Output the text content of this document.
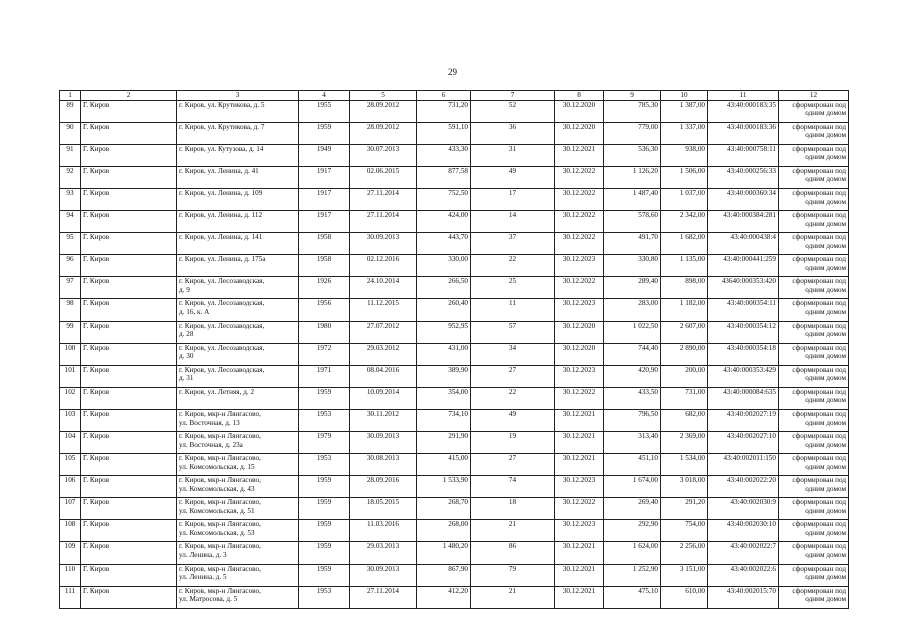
29
1	2	3	4	5	6	7	8	9	10	11	12
89	Г. Киров	г. Киров, ул. Крутикова, д. 5	1955	28.09.2012	731,20	52	30.12.2020	785,30	1 387,00	43:40:000183:35	сформирован под
одним домом

90	Г. Киров	г. Киров, ул. Крутикова, д. 7	1959	28.09.2012	591,10	36	30.12.2020	779,00	1 337,00	43:40:000183:36	сформирован под
одним домом

91	Г. Киров	г. Киров, ул. Кутузова, д. 14	1949	30.07.2013	433,30	31	30.12.2021	536,30	938,00	43:40:000758:11	сформирован под
одним домом

92	Г. Киров	г. Киров, ул. Ленина, д. 41	1917	02.06.2015	877,58	49	30.12.2022	1 126,20	1 506,00	43:40:000256:33	сформирован под
одним домом

93	Г. Киров	г. Киров, ул. Ленина, д. 109	1917	27.11.2014	752,50	17	30.12.2022	1 487,40	1 037,00	43:40:000360:34	сформирован под
одним домом

94	Г. Киров	г. Киров, ул. Ленина, д. 112	1917	27.11.2014	424,00	14	30.12.2022	578,60	2 342,00	43:40:000384:281	сформирован под
одним домом

95	Г. Киров	г. Киров, ул. Ленина, д. 141	1958	30.09.2013	443,70	37	30.12.2022	491,70	1 682,00	43:40:000438:4	сформирован под
одним домом

96	Г. Киров	г. Киров, ул. Ленина, д. 175а	1958	02.12.2016	330,00	22	30.12.2023	330,80	1 135,00	43:40:000441:259	сформирован под
одним домом

97	Г. Киров	г. Киров, ул. Лесозаводская,
д. 9	1926	24.10.2014	266,50	25	30.12.2022	289,40	898,00	43640:000353:420	сформирован под
одним домом

98	Г. Киров	г. Киров, ул. Лесозаводская,
д. 16, к. А	1956	11.12.2015	260,40	11	30.12.2023	283,00	1 182,00	43:40:000354:11	сформирован под
одним домом

99	Г. Киров	г. Киров, ул. Лесозаводская,
д. 28	1980	27.07.2012	952,95	57	30.12.2020	1 022,50	2 607,00	43:40:000354:12	сформирован под
одним домом

100	Г. Киров	г. Киров, ул. Лесозаводская,
д. 30	1972	29.03.2012	431,00	34	30.12.2020	744,40	2 890,00	43:40:000354:18	сформирован под
одним домом

101	Г. Киров	г. Киров, ул. Лесозаводская,
д. 31	1971	08.04.2016	389,90	27	30.12.2023	420,90	200,00	43:40:000353:429	сформирован под
одним домом

102	Г. Киров	г. Киров, ул. Летняя, д. 2	1959	10.09.2014	354,00	22	30.12.2022	433,50	731,00	43:40:000084:635	сформирован под
одним домом

103	Г. Киров	г. Киров, мкр-н Лянгасово,
ул. Восточная, д. 13	1953	30.11.2012	734,10	49	30.12.2021	796,50	682,00	43:40:002027:19	сформирован под
одним домом

104	Г. Киров	г. Киров, мкр-н Лянгасово,
ул. Восточная, д. 23а	1979	30.09.2013	291,90	19	30.12.2021	313,40	2 369,00	43:40:002027:10	сформирован под
одним домом

105	Г. Киров	г. Киров, мкр-н Лянгасово,
ул. Комсомольская, д. 15	1953	30.08.2013	415,00	27	30.12.2021	451,10	1 534,00	43:40:002011:150	сформирован под
одним домом

106	Г. Киров	г. Киров, мкр-н Лянгасово,
ул. Комсомольская, д. 43	1959	28.09.2016	1 533,90	74	30.12.2023	1 674,00	3 018,00	43:40:002022:20	сформирован под
одним домом

107	Г. Киров	г. Киров, мкр-н Лянгасово,
ул. Комсомольская, д. 51	1959	18.05.2015	268,70	18	30.12.2022	269,40	291,20	43:40:002030:9	сформирован под
одним домом

108	Г. Киров	г. Киров, мкр-н Лянгасово,
ул. Комсомольская, д. 53	1959	11.03.2016	268,00	21	30.12.2023	292,90	754,00	43:40:002030:10	сформирован под
одним домом

109	Г. Киров	г. Киров, мкр-н Лянгасово,
ул. Ленина, д. 3	1959	29.03.2013	1 480,20	86	30.12.2021	1 624,00	2 256,00	43:40:002022:7	сформирован под
одним домом

110	Г. Киров	г. Киров, мкр-н Лянгасово,
ул. Ленина, д. 5	1959	30.09.2013	867,90	79	30.12.2021	1 252,90	3 151,00	43:40:002022:6	сформирован под
одним домом

111	Г. Киров	г. Киров, мкр-н Лянгасово,
ул. Матросова, д. 5	1953	27.11.2014	412,20	21	30.12.2021	475,10	610,00	43:40:002015:70	сформирован под
одним домом
